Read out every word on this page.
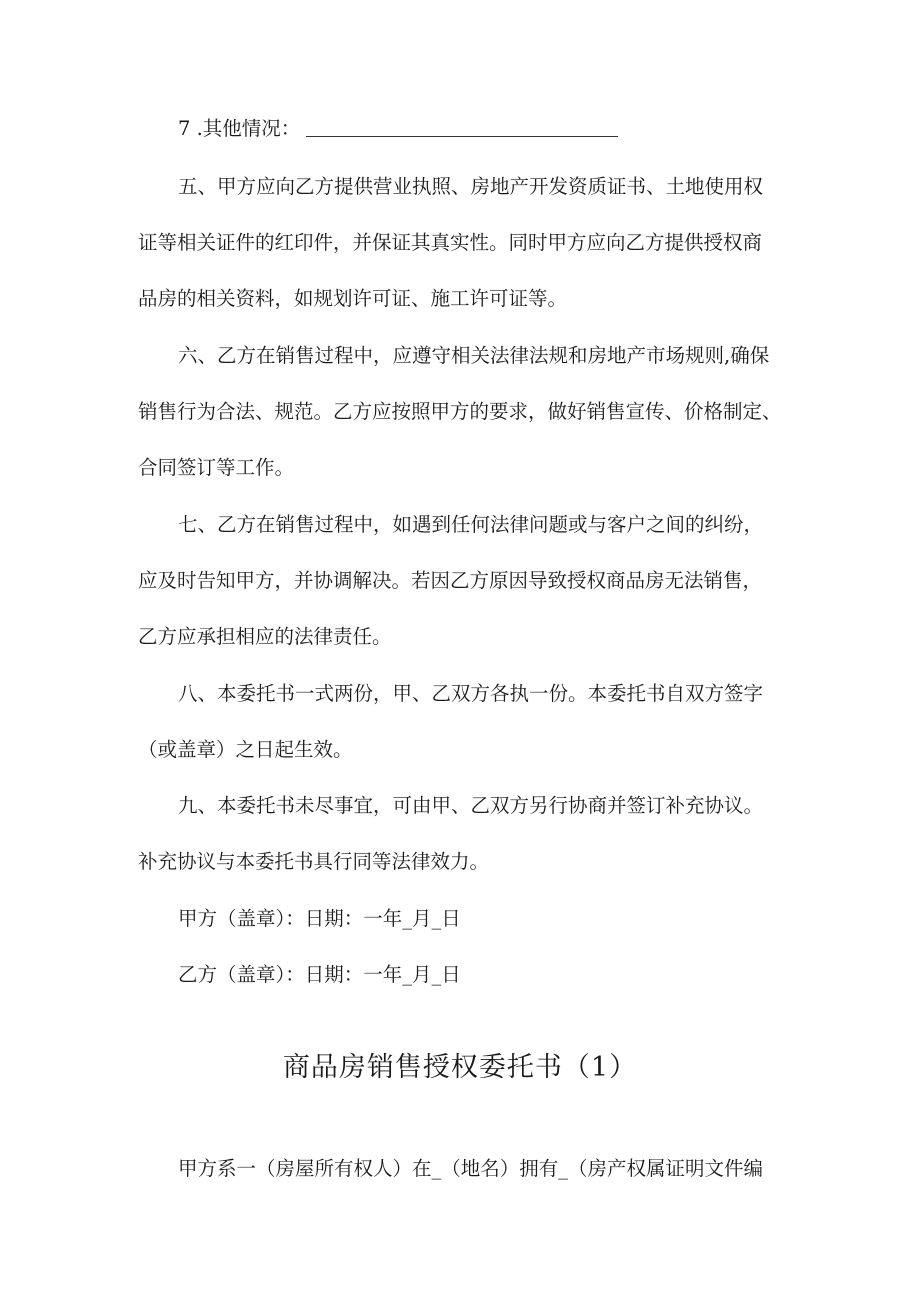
7 .其他情况：
五、甲方应向乙方提供营业执照、房地产开发资质证书、土地使用权
证等相关证件的红印件，并保证其真实性。同时甲方应向乙方提供授权商
品房的相关资料，如规划许可证、施工许可证等。
六、乙方在销售过程中，应遵守相关法律法规和房地产市场规则,确保
销售行为合法、规范。乙方应按照甲方的要求，做好销售宣传、价格制定、
合同签订等工作。
七、乙方在销售过程中，如遇到任何法律问题或与客户之间的纠纷，
应及时告知甲方，并协调解决。若因乙方原因导致授权商品房无法销售，
乙方应承担相应的法律责任。
八、本委托书一式两份，甲、乙双方各执一份。本委托书自双方签字
（或盖章）之日起生效。
九、本委托书未尽事宜，可由甲、乙双方另行协商并签订补充协议。
补充协议与本委托书具行同等法律效力。
甲方（盖章）：日期：一年_月_日
乙方（盖章）：日期：一年_月_日
商品房销售授权委托书（1）
甲方系一（房屋所有权人）在_（地名）拥有_（房产权属证明文件编
